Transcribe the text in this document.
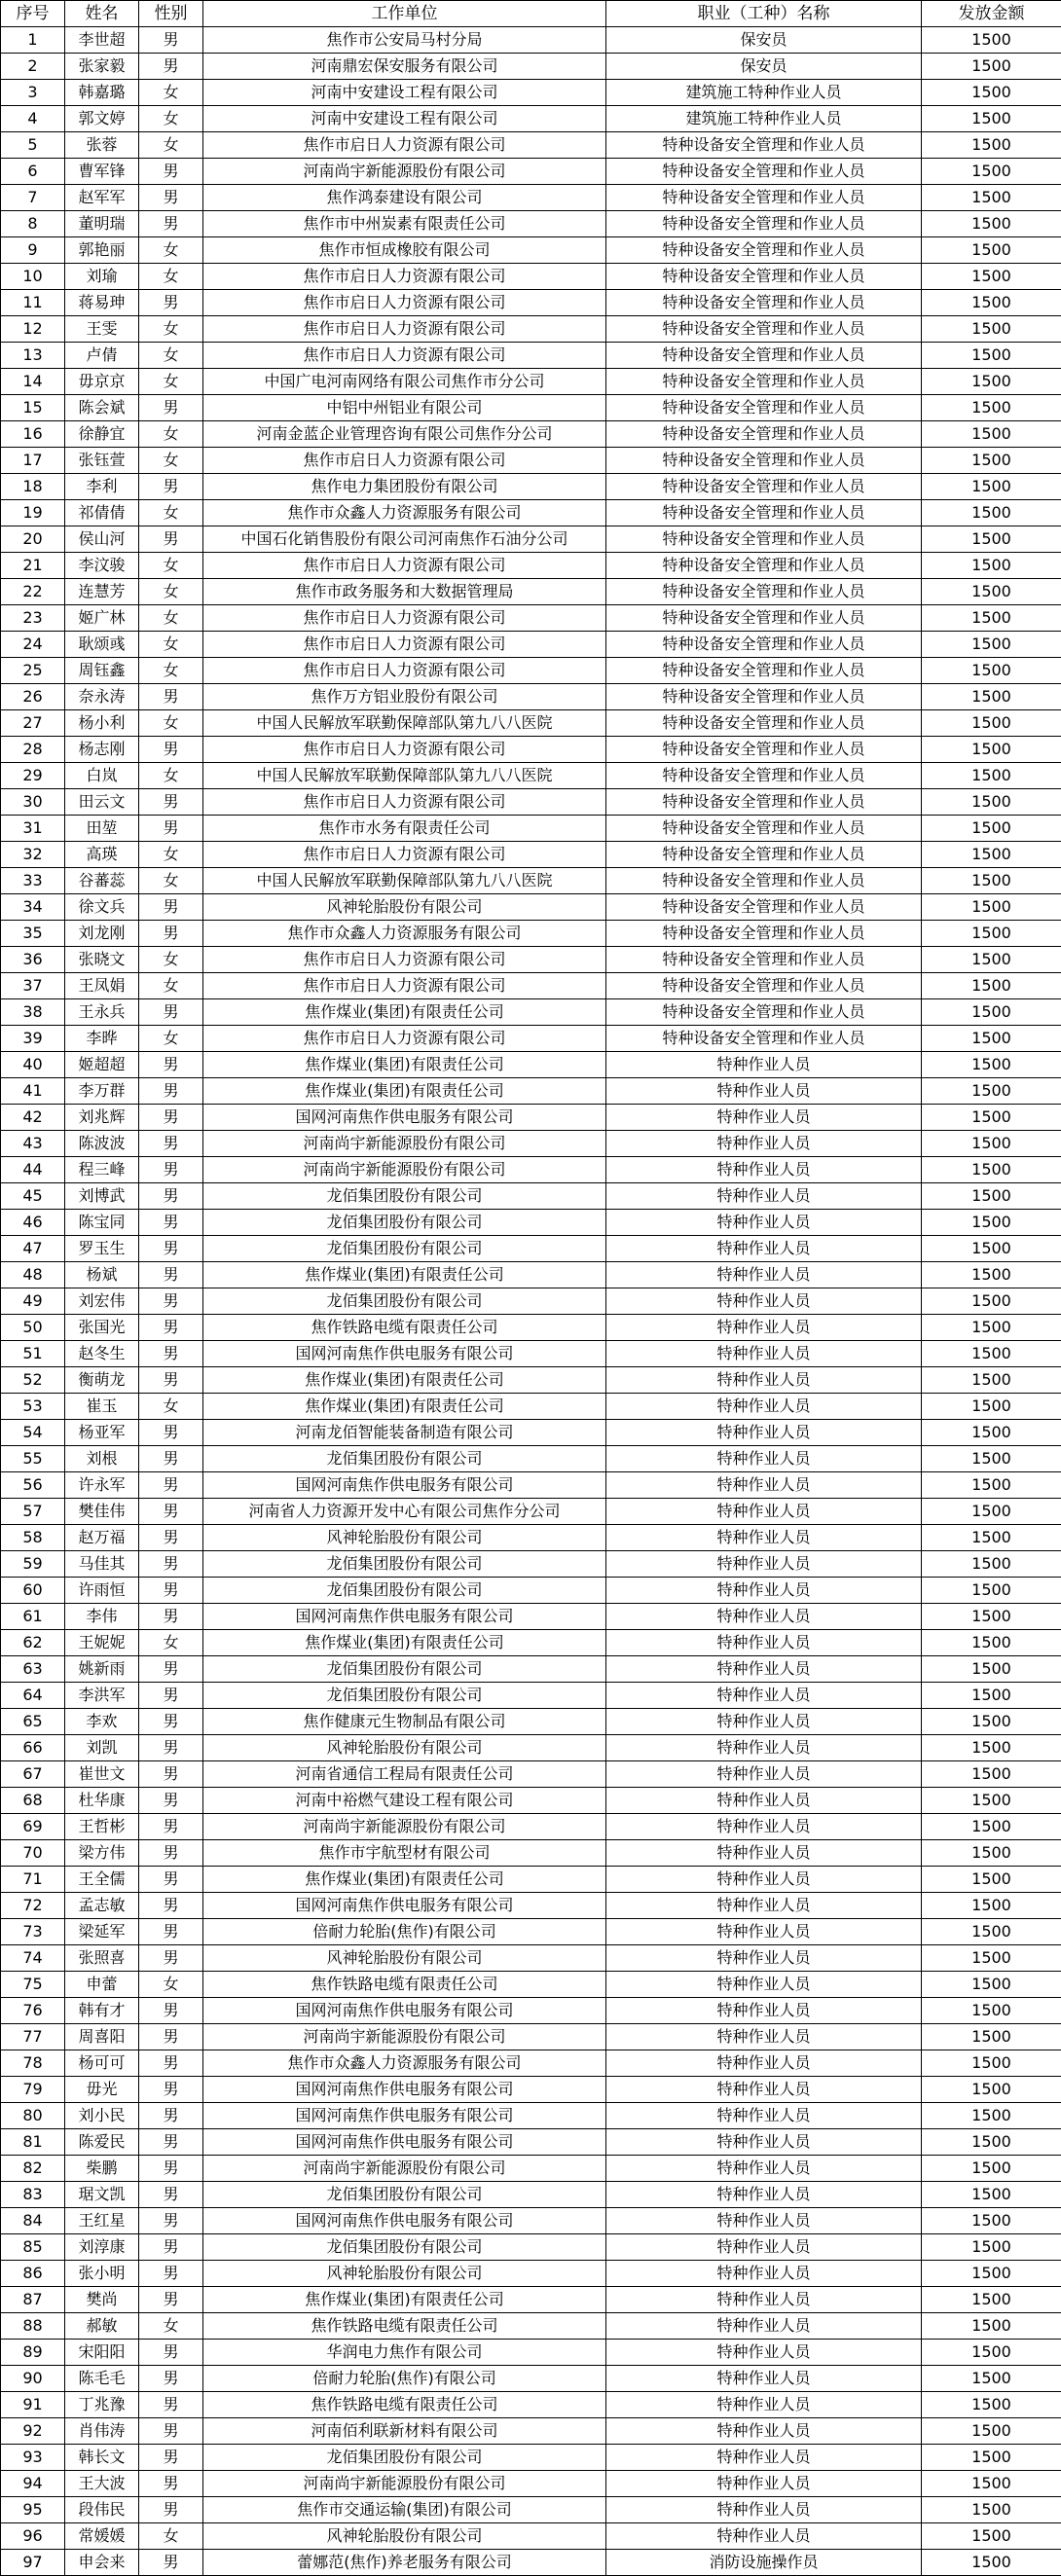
序号	姓名	性别	工作单位	职业（工种）名称	发放金额
1	李世超	男	焦作市公安局马村分局	保安员	1500
2	张家毅	男	河南鼎宏保安服务有限公司	保安员	1500
3	韩嘉璐	女	河南中安建设工程有限公司	建筑施工特种作业人员	1500
4	郭文婷	女	河南中安建设工程有限公司	建筑施工特种作业人员	1500
5	张蓉	女	焦作市启日人力资源有限公司	特种设备安全管理和作业人员	1500
6	曹军锋	男	河南尚宇新能源股份有限公司	特种设备安全管理和作业人员	1500
7	赵军军	男	焦作鸿泰建设有限公司	特种设备安全管理和作业人员	1500
8	董明瑞	男	焦作市中州炭素有限责任公司	特种设备安全管理和作业人员	1500
9	郭艳丽	女	焦作市恒成橡胶有限公司	特种设备安全管理和作业人员	1500
10	刘瑜	女	焦作市启日人力资源有限公司	特种设备安全管理和作业人员	1500
11	蒋易珅	男	焦作市启日人力资源有限公司	特种设备安全管理和作业人员	1500
12	王雯	女	焦作市启日人力资源有限公司	特种设备安全管理和作业人员	1500
13	卢倩	女	焦作市启日人力资源有限公司	特种设备安全管理和作业人员	1500
14	毋京京	女	中国广电河南网络有限公司焦作市分公司	特种设备安全管理和作业人员	1500
15	陈会斌	男	中铝中州铝业有限公司	特种设备安全管理和作业人员	1500
16	徐静宜	女	河南金蓝企业管理咨询有限公司焦作分公司	特种设备安全管理和作业人员	1500
17	张钰萱	女	焦作市启日人力资源有限公司	特种设备安全管理和作业人员	1500
18	李利	男	焦作电力集团股份有限公司	特种设备安全管理和作业人员	1500
19	祁倩倩	女	焦作市众鑫人力资源服务有限公司	特种设备安全管理和作业人员	1500
20	侯山河	男	中国石化销售股份有限公司河南焦作石油分公司	特种设备安全管理和作业人员	1500
21	李汶骏	女	焦作市启日人力资源有限公司	特种设备安全管理和作业人员	1500
22	连慧芳	女	焦作市政务服务和大数据管理局	特种设备安全管理和作业人员	1500
23	姬广林	女	焦作市启日人力资源有限公司	特种设备安全管理和作业人员	1500
24	耿颂彧	女	焦作市启日人力资源有限公司	特种设备安全管理和作业人员	1500
25	周钰鑫	女	焦作市启日人力资源有限公司	特种设备安全管理和作业人员	1500
26	奈永涛	男	焦作万方铝业股份有限公司	特种设备安全管理和作业人员	1500
27	杨小利	女	中国人民解放军联勤保障部队第九八八医院	特种设备安全管理和作业人员	1500
28	杨志刚	男	焦作市启日人力资源有限公司	特种设备安全管理和作业人员	1500
29	白岚	女	中国人民解放军联勤保障部队第九八八医院	特种设备安全管理和作业人员	1500
30	田云文	男	焦作市启日人力资源有限公司	特种设备安全管理和作业人员	1500
31	田堃	男	焦作市水务有限责任公司	特种设备安全管理和作业人员	1500
32	高瑛	女	焦作市启日人力资源有限公司	特种设备安全管理和作业人员	1500
33	谷蕃蕊	女	中国人民解放军联勤保障部队第九八八医院	特种设备安全管理和作业人员	1500
34	徐文兵	男	风神轮胎股份有限公司	特种设备安全管理和作业人员	1500
35	刘龙刚	男	焦作市众鑫人力资源服务有限公司	特种设备安全管理和作业人员	1500
36	张晓文	女	焦作市启日人力资源有限公司	特种设备安全管理和作业人员	1500
37	王凤娟	女	焦作市启日人力资源有限公司	特种设备安全管理和作业人员	1500
38	王永兵	男	焦作煤业(集团)有限责任公司	特种设备安全管理和作业人员	1500
39	李晔	女	焦作市启日人力资源有限公司	特种设备安全管理和作业人员	1500
40	姬超超	男	焦作煤业(集团)有限责任公司	特种作业人员	1500
41	李万群	男	焦作煤业(集团)有限责任公司	特种作业人员	1500
42	刘兆辉	男	国网河南焦作供电服务有限公司	特种作业人员	1500
43	陈波波	男	河南尚宇新能源股份有限公司	特种作业人员	1500
44	程三峰	男	河南尚宇新能源股份有限公司	特种作业人员	1500
45	刘博武	男	龙佰集团股份有限公司	特种作业人员	1500
46	陈宝同	男	龙佰集团股份有限公司	特种作业人员	1500
47	罗玉生	男	龙佰集团股份有限公司	特种作业人员	1500
48	杨斌	男	焦作煤业(集团)有限责任公司	特种作业人员	1500
49	刘宏伟	男	龙佰集团股份有限公司	特种作业人员	1500
50	张国光	男	焦作铁路电缆有限责任公司	特种作业人员	1500
51	赵冬生	男	国网河南焦作供电服务有限公司	特种作业人员	1500
52	衡萌龙	男	焦作煤业(集团)有限责任公司	特种作业人员	1500
53	崔玉	女	焦作煤业(集团)有限责任公司	特种作业人员	1500
54	杨亚军	男	河南龙佰智能装备制造有限公司	特种作业人员	1500
55	刘根	男	龙佰集团股份有限公司	特种作业人员	1500
56	许永军	男	国网河南焦作供电服务有限公司	特种作业人员	1500
57	樊佳伟	男	河南省人力资源开发中心有限公司焦作分公司	特种作业人员	1500
58	赵万福	男	风神轮胎股份有限公司	特种作业人员	1500
59	马佳其	男	龙佰集团股份有限公司	特种作业人员	1500
60	许雨恒	男	龙佰集团股份有限公司	特种作业人员	1500
61	李伟	男	国网河南焦作供电服务有限公司	特种作业人员	1500
62	王妮妮	女	焦作煤业(集团)有限责任公司	特种作业人员	1500
63	姚新雨	男	龙佰集团股份有限公司	特种作业人员	1500
64	李洪军	男	龙佰集团股份有限公司	特种作业人员	1500
65	李欢	男	焦作健康元生物制品有限公司	特种作业人员	1500
66	刘凯	男	风神轮胎股份有限公司	特种作业人员	1500
67	崔世文	男	河南省通信工程局有限责任公司	特种作业人员	1500
68	杜华康	男	河南中裕燃气建设工程有限公司	特种作业人员	1500
69	王哲彬	男	河南尚宇新能源股份有限公司	特种作业人员	1500
70	梁方伟	男	焦作市宇航型材有限公司	特种作业人员	1500
71	王全儒	男	焦作煤业(集团)有限责任公司	特种作业人员	1500
72	孟志敏	男	国网河南焦作供电服务有限公司	特种作业人员	1500
73	梁延军	男	倍耐力轮胎(焦作)有限公司	特种作业人员	1500
74	张照喜	男	风神轮胎股份有限公司	特种作业人员	1500
75	申蕾	女	焦作铁路电缆有限责任公司	特种作业人员	1500
76	韩有才	男	国网河南焦作供电服务有限公司	特种作业人员	1500
77	周喜阳	男	河南尚宇新能源股份有限公司	特种作业人员	1500
78	杨可可	男	焦作市众鑫人力资源服务有限公司	特种作业人员	1500
79	毋光	男	国网河南焦作供电服务有限公司	特种作业人员	1500
80	刘小民	男	国网河南焦作供电服务有限公司	特种作业人员	1500
81	陈爱民	男	国网河南焦作供电服务有限公司	特种作业人员	1500
82	柴鹏	男	河南尚宇新能源股份有限公司	特种作业人员	1500
83	琚文凯	男	龙佰集团股份有限公司	特种作业人员	1500
84	王红星	男	国网河南焦作供电服务有限公司	特种作业人员	1500
85	刘淳康	男	龙佰集团股份有限公司	特种作业人员	1500
86	张小明	男	风神轮胎股份有限公司	特种作业人员	1500
87	樊尚	男	焦作煤业(集团)有限责任公司	特种作业人员	1500
88	郝敏	女	焦作铁路电缆有限责任公司	特种作业人员	1500
89	宋阳阳	男	华润电力焦作有限公司	特种作业人员	1500
90	陈毛毛	男	倍耐力轮胎(焦作)有限公司	特种作业人员	1500
91	丁兆豫	男	焦作铁路电缆有限责任公司	特种作业人员	1500
92	肖伟涛	男	河南佰利联新材料有限公司	特种作业人员	1500
93	韩长文	男	龙佰集团股份有限公司	特种作业人员	1500
94	王大波	男	河南尚宇新能源股份有限公司	特种作业人员	1500
95	段伟民	男	焦作市交通运输(集团)有限公司	特种作业人员	1500
96	常媛媛	女	风神轮胎股份有限公司	特种作业人员	1500
97	申会来	男	蕾娜范(焦作)养老服务有限公司	消防设施操作员	1500
